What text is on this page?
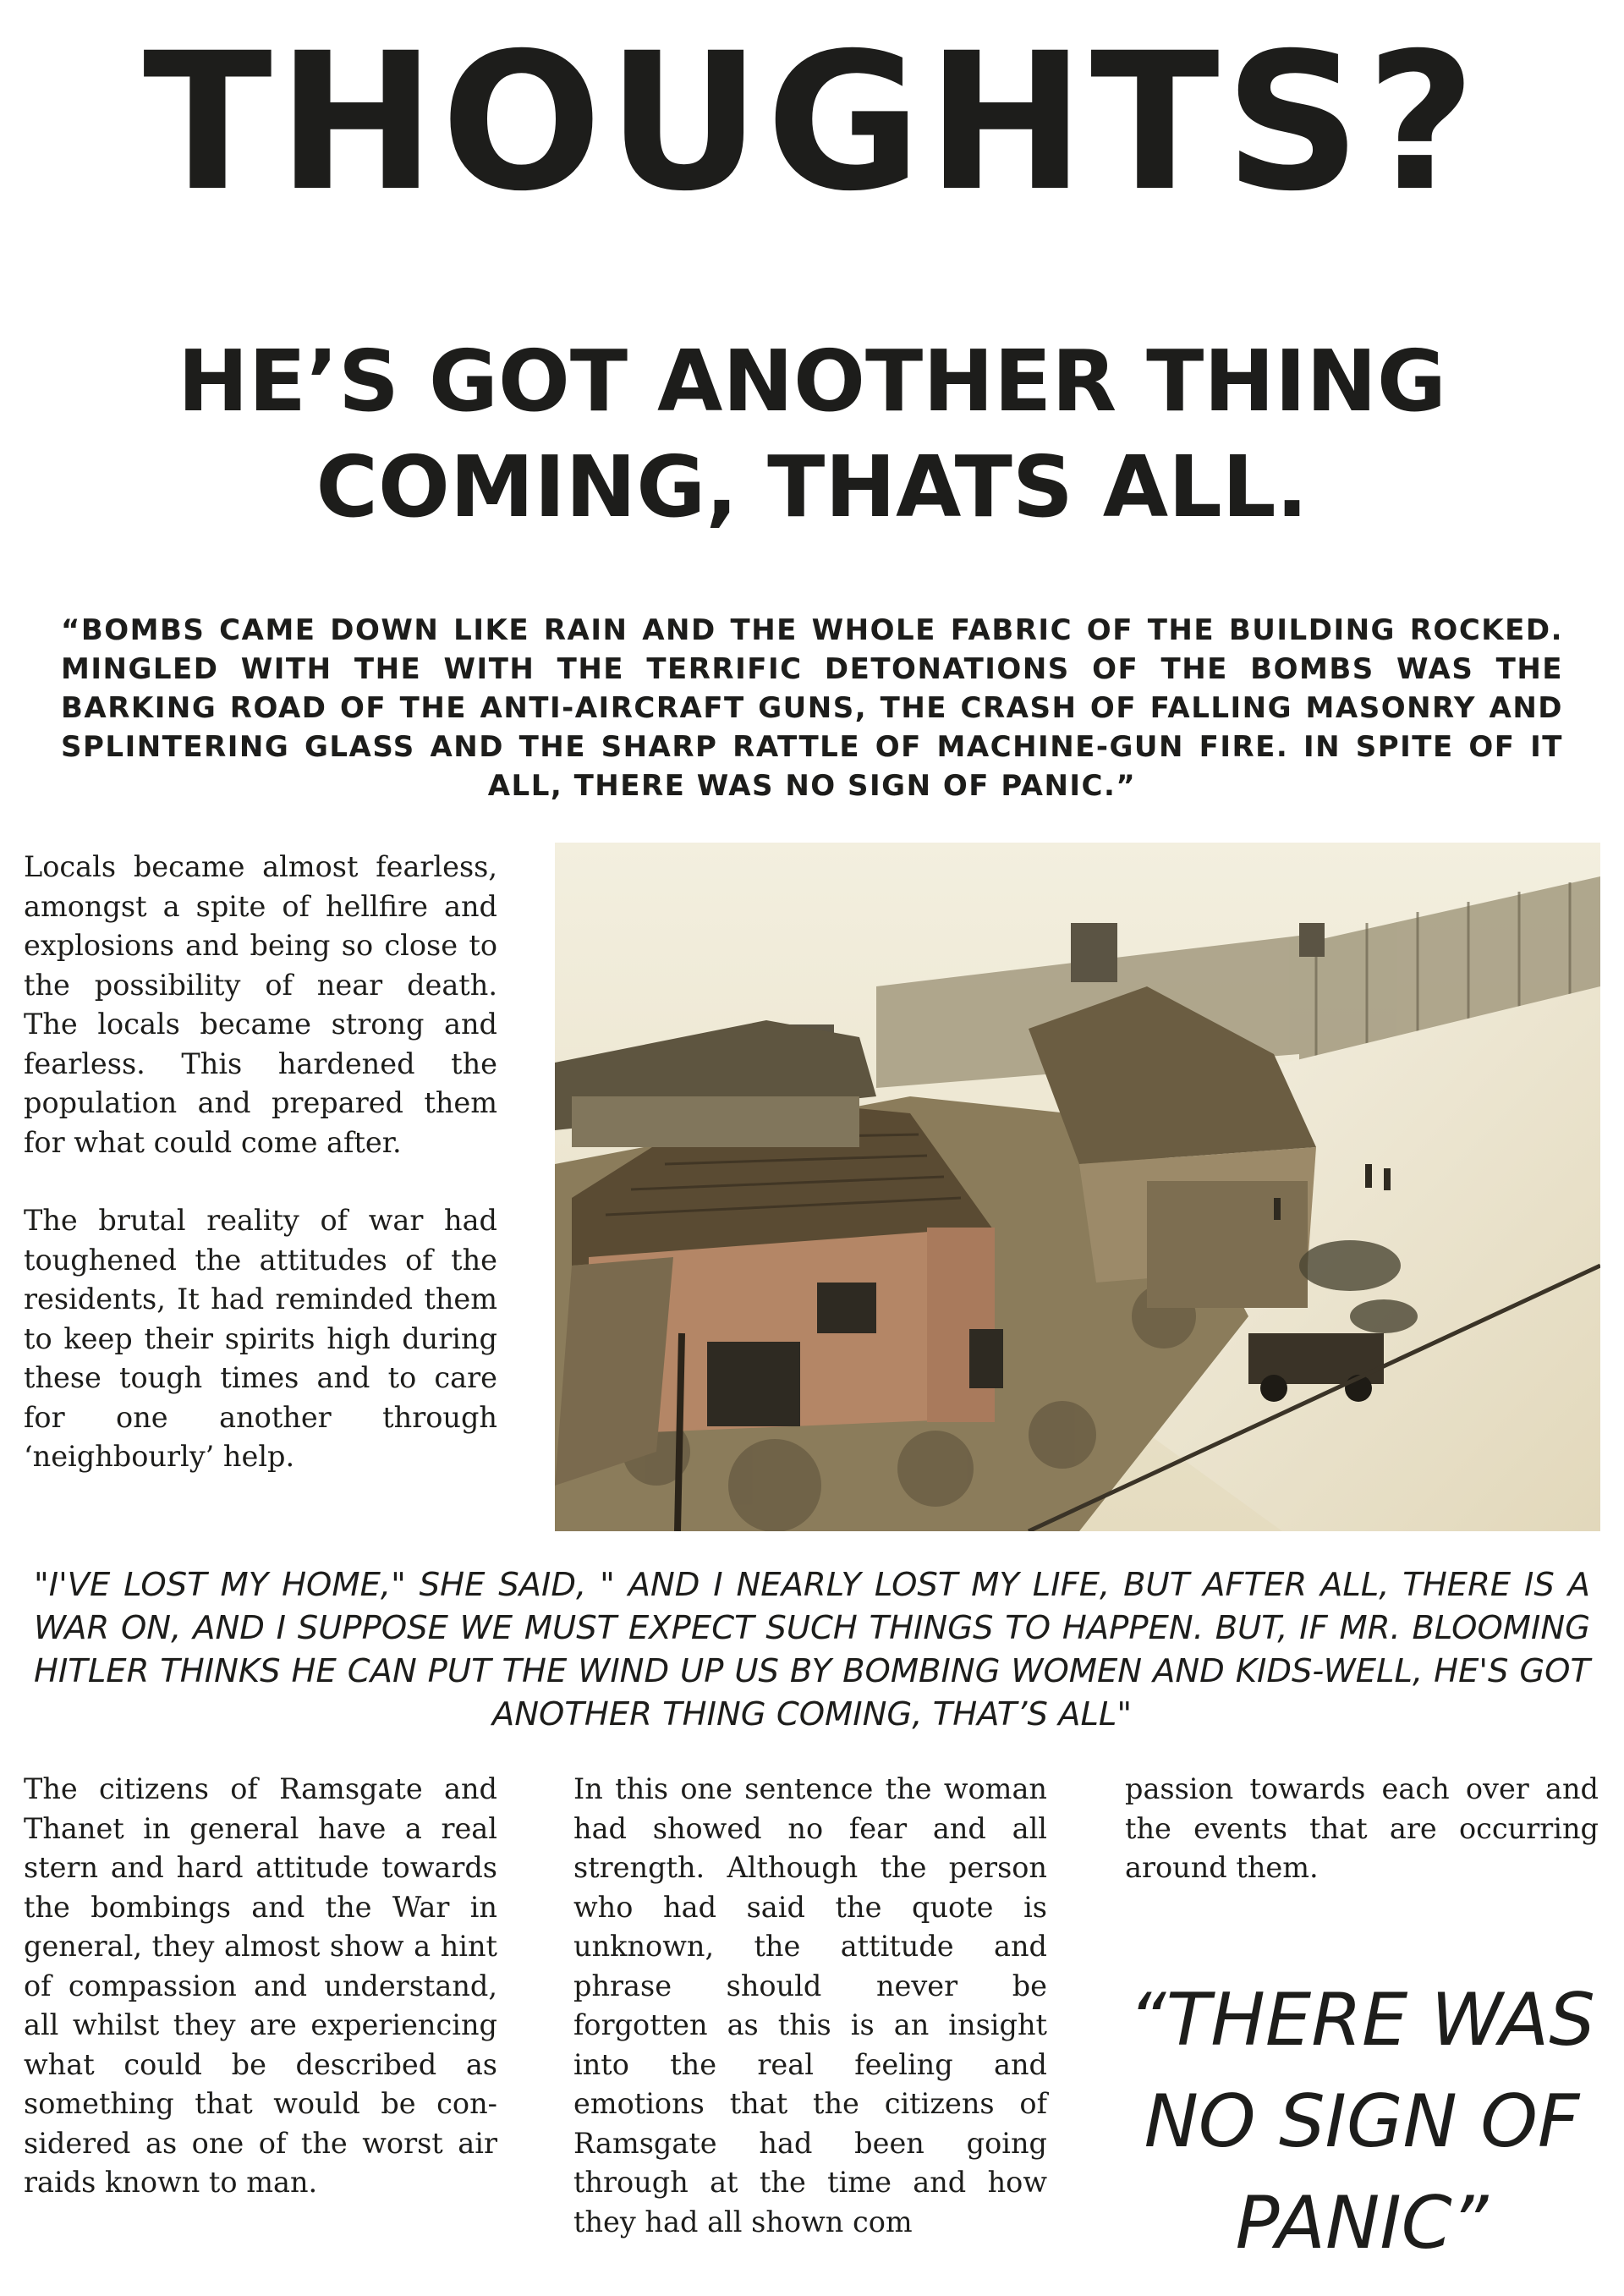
THOUGHTS?
HE’S GOT ANOTHER THING COMING, THATS ALL.

“BOMBS CAME DOWN LIKE RAIN AND THE WHOLE FABRIC OF THE BUILDING ROCKED. MINGLED WITH THE WITH THE TERRIFIC DETONATIONS OF THE BOMBS WAS THE BARKING ROAD OF THE ANTI-AIRCRAFT GUNS, THE CRASH OF FALLING MASONRY AND SPLINTERING GLASS AND THE SHARP RATTLE OF MACHINE-GUN FIRE. IN SPITE OF IT ALL, THERE WAS NO SIGN OF PANIC.”

Locals became almost fearless, amongst a spite of hellfire and explosions and being so close to the possibility of near death. The locals became strong and fearless. This hardened the population and prepared them for what could come after.

The brutal reality of war had toughened the attitudes of the residents, It had reminded them to keep their spirits high during these tough times and to care for one another through ‘neighbourly’ help.

"I'VE LOST MY HOME," SHE SAID, " AND I NEARLY LOST MY LIFE, BUT AFTER ALL, THERE IS A WAR ON, AND I SUPPOSE WE MUST EXPECT SUCH THINGS TO HAPPEN. BUT, IF MR. BLOOMING HITLER THINKS HE CAN PUT THE WIND UP US BY BOMBING WOMEN AND KIDS-WELL, HE'S GOT ANOTHER THING COMING, THAT’S ALL"

The citizens of Ramsgate and Thanet in general have a real stern and hard attitude towards the bombings and the War in general, they almost show a hint of compassion and understand, all whilst they are experiencing what could be described as something that would be considered as one of the worst air raids known to man.

In this one sentence the woman had showed no fear and all strength. Although the person who had said the quote is unknown, the attitude and phrase should never be forgotten as this is an insight into the real feeling and emotions that the citizens of Ramsgate had been going through at the time and how they had all shown com

passion towards each over and the events that are occurring around them.

“THERE WAS NO SIGN OF PANIC”
